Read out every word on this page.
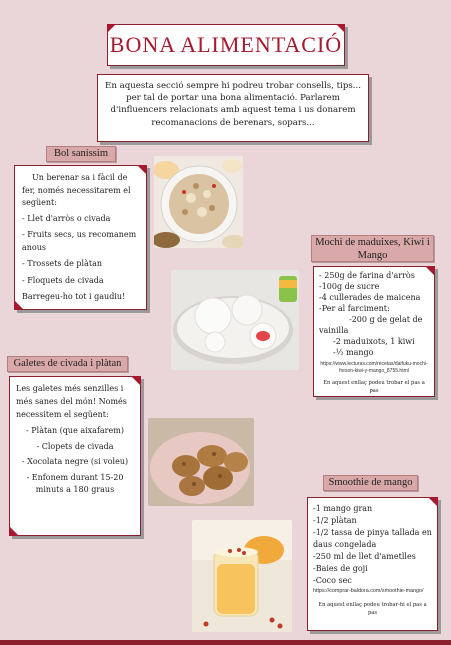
BONA ALIMENTACIÓ
En aquesta secció sempre hi podreu trobar consells, tips... per tal de portar una bona alimentació. Parlarem d'influencers relacionats amb aquest tema i us donarem recomanacions de berenars, sopars...
Bol saníssim

Un berenar sa i fàcil de fer, només necessitarem el següent:

- Llet d'arròs o civada

- Fruits secs, us recomanem anous

- Trossets de plàtan

- Floquets de civada

Barregeu-ho tot i gaudiu!

Mochi de maduixes, Kiwi i Mango

- 250g de farina d'arròs

-100g de sucre

-4 cullerades de maicena

-Per al farciment:

-200 g de gelat de vainilla

-2 maduixots, 1 kiwi

-½ mango

https://www.lecturas.com/recetas/daifuku-mochi-freson-kiwi-y-mango_8755.html

En aquest enllaç podeu trobar el pas a pas

Galetes de civada i plàtan

Les galetes més senzilles i més sanes del món! Només necessitem el següent:

- Plàtan (que aixafarem)

- Clopets de civada

- Xocolata negre (si voleu)

- Enfonem durant 15-20 minuts a 180 graus

Smoothie de mango

-1 mango gran

-1/2 plàtan

-1/2 tassa de pinya tallada en daus congelada

-250 ml de llet d'ametlles

-Baies de goji

-Coco sec

https://comprar-baldora.com/smoothie-mango/

En aquest enllaç podeu trobar-hi el pas a pas
